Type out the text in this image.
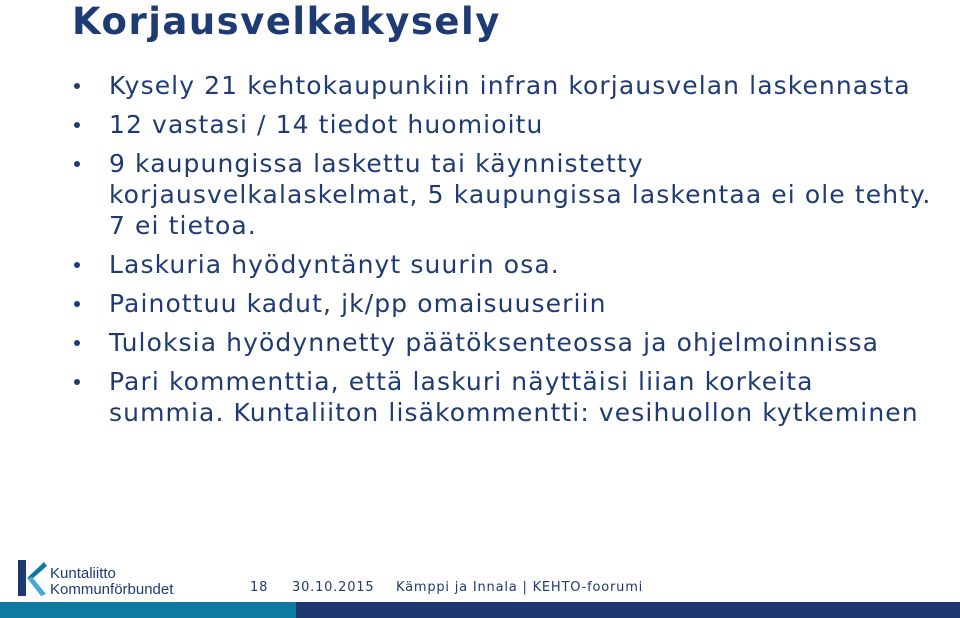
Korjausvelkakysely
Kysely 21 kehtokaupunkiin infran korjausvelan laskennasta
12 vastasi / 14 tiedot huomioitu
9 kaupungissa laskettu tai käynnistetty korjausvelkalaskelmat, 5 kaupungissa laskentaa ei ole tehty. 7 ei tietoa.
Laskuria hyödyntänyt suurin osa.
Painottuu kadut, jk/pp omaisuuseriin
Tuloksia hyödynnetty päätöksenteossa ja ohjelmoinnissa
Pari kommenttia, että laskuri näyttäisi liian korkeita summia. Kuntaliiton lisäkommentti: vesihuollon kytkeminen
Kuntaliitto
Kommunförbundet	18 30.10.2015 Kämppi ja Innala | KEHTO-foorumi
